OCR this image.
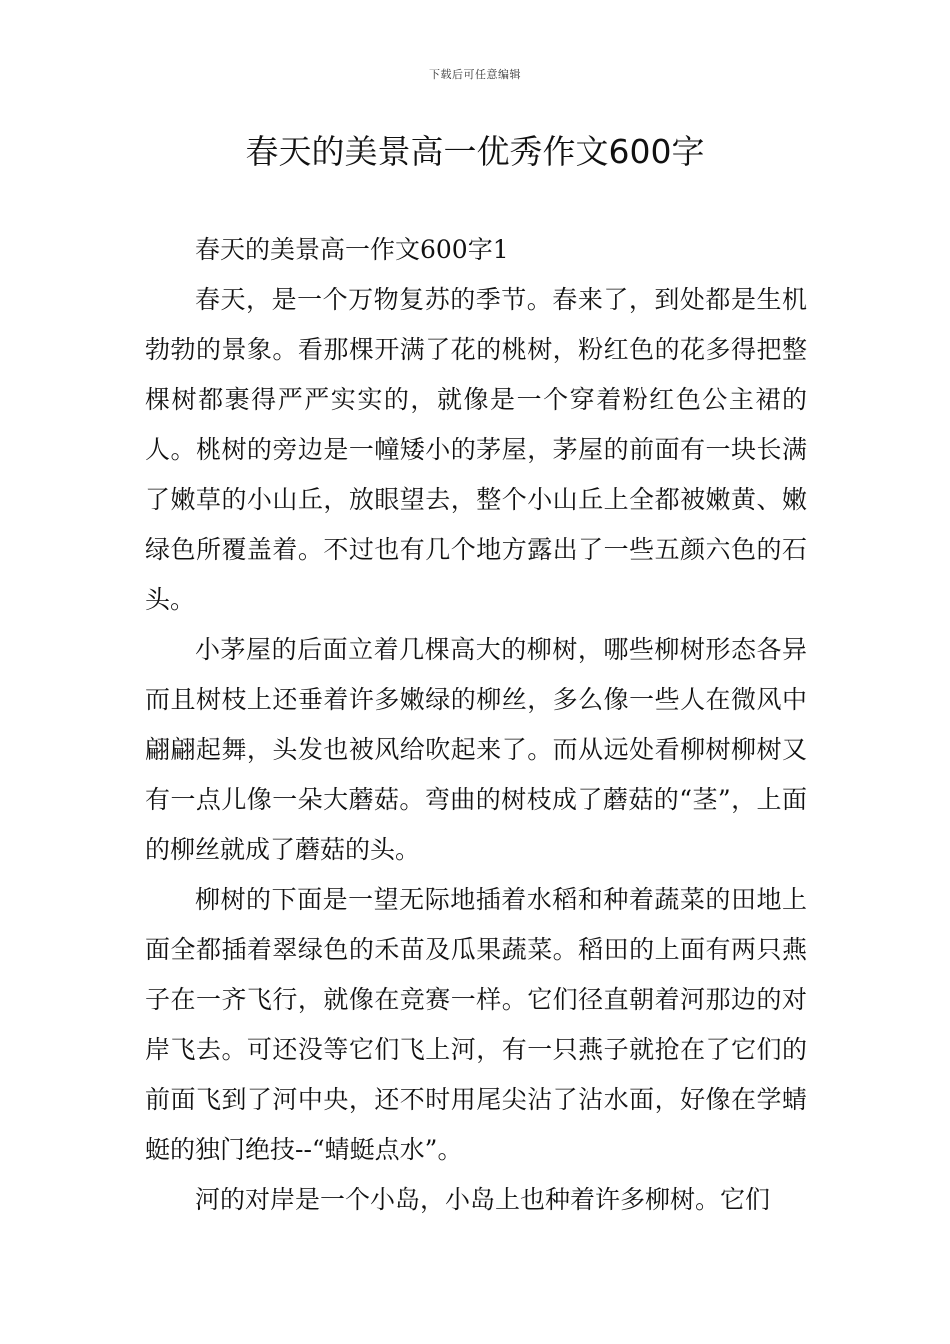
下载后可任意编辑
春天的美景高一优秀作文600字

春天的美景高一作文600字1

春天，是一个万物复苏的季节。春来了，到处都是生机勃勃的景象。看那棵开满了花的桃树，粉红色的花多得把整棵树都裹得严严实实的，就像是一个穿着粉红色公主裙的人。桃树的旁边是一幢矮小的茅屋，茅屋的前面有一块长满了嫩草的小山丘，放眼望去，整个小山丘上全都被嫩黄、嫩绿色所覆盖着。不过也有几个地方露出了一些五颜六色的石头。

小茅屋的后面立着几棵高大的柳树，哪些柳树形态各异而且树枝上还垂着许多嫩绿的柳丝，多么像一些人在微风中翩翩起舞，头发也被风给吹起来了。而从远处看柳树柳树又有一点儿像一朵大蘑菇。弯曲的树枝成了蘑菇的“茎”，上面的柳丝就成了蘑菇的头。

柳树的下面是一望无际地插着水稻和种着蔬菜的田地上面全都插着翠绿色的禾苗及瓜果蔬菜。稻田的上面有两只燕子在一齐飞行，就像在竞赛一样。它们径直朝着河那边的对岸飞去。可还没等它们飞上河，有一只燕子就抢在了它们的前面飞到了河中央，还不时用尾尖沾了沾水面，好像在学蜻蜓的独门绝技--“蜻蜓点水”。

河的对岸是一个小岛，小岛上也种着许多柳树。它们
